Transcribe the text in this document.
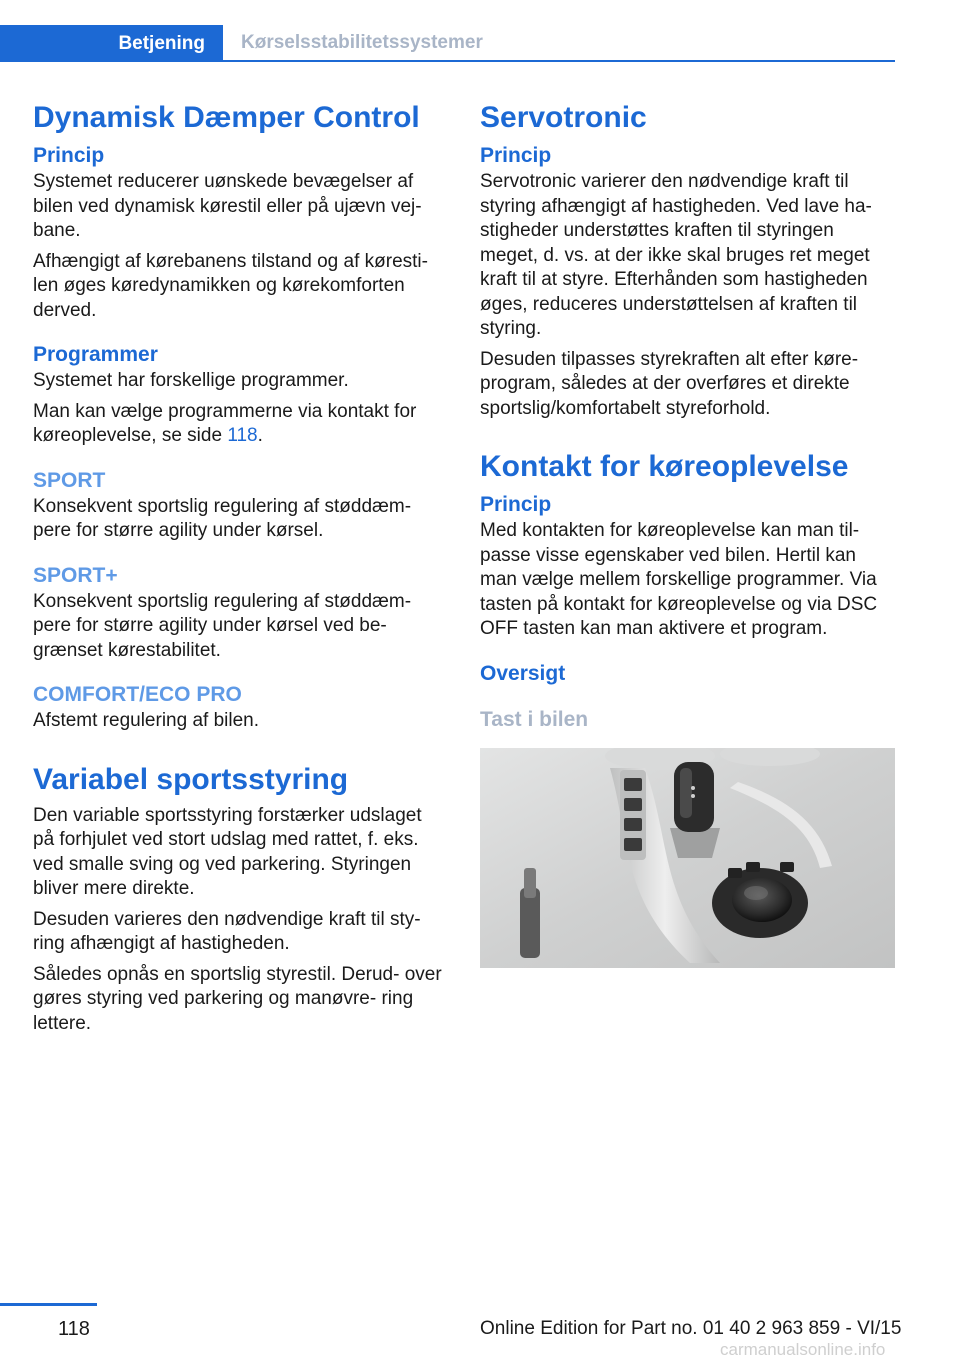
Betjening	Kørselsstabilitetssystemer
Dynamisk Dæmper Control
Princip

Systemet reducerer uønskede bevægelser af bilen ved dynamisk kørestil eller på ujævn vej‐ bane.

Afhængigt af kørebanens tilstand og af køresti‐ len øges køredynamikken og kørekomforten derved.

Programmer

Systemet har forskellige programmer.

Man kan vælge programmerne via kontakt for køreoplevelse, se side 118.

SPORT

Konsekvent sportslig regulering af støddæm‐ pere for større agility under kørsel.

SPORT+

Konsekvent sportslig regulering af støddæm‐ pere for større agility under kørsel ved be‐ grænset kørestabilitet.

COMFORT/ECO PRO

Afstemt regulering af bilen.

Variabel sportsstyring

Den variable sportsstyring forstærker udslaget på forhjulet ved stort udslag med rattet, f. eks. ved smalle sving og ved parkering. Styringen bliver mere direkte.

Desuden varieres den nødvendige kraft til sty‐ ring afhængigt af hastigheden.

Således opnås en sportslig styrestil. Derud‐ over gøres styring ved parkering og manøvre‐ ring lettere.

Servotronic
Princip

Servotronic varierer den nødvendige kraft til styring afhængigt af hastigheden. Ved lave ha‐ stigheder understøttes kraften til styringen meget, d. vs. at der ikke skal bruges ret meget kraft til at styre. Efterhånden som hastigheden øges, reduceres understøttelsen af kraften til styring.

Desuden tilpasses styrekraften alt efter køre‐ program, således at der overføres et direkte sportslig/komfortabelt styreforhold.

Kontakt for køreoplevelse
Princip

Med kontakten for køreoplevelse kan man til‐ passe visse egenskaber ved bilen. Hertil kan man vælge mellem forskellige programmer. Via tasten på kontakt for køreoplevelse og via DSC OFF tasten kan man aktivere et program.

Oversigt
Tast i bilen
118	Online Edition for Part no. 01 40 2 963 859 - VI/15
carmanualsonline.info
